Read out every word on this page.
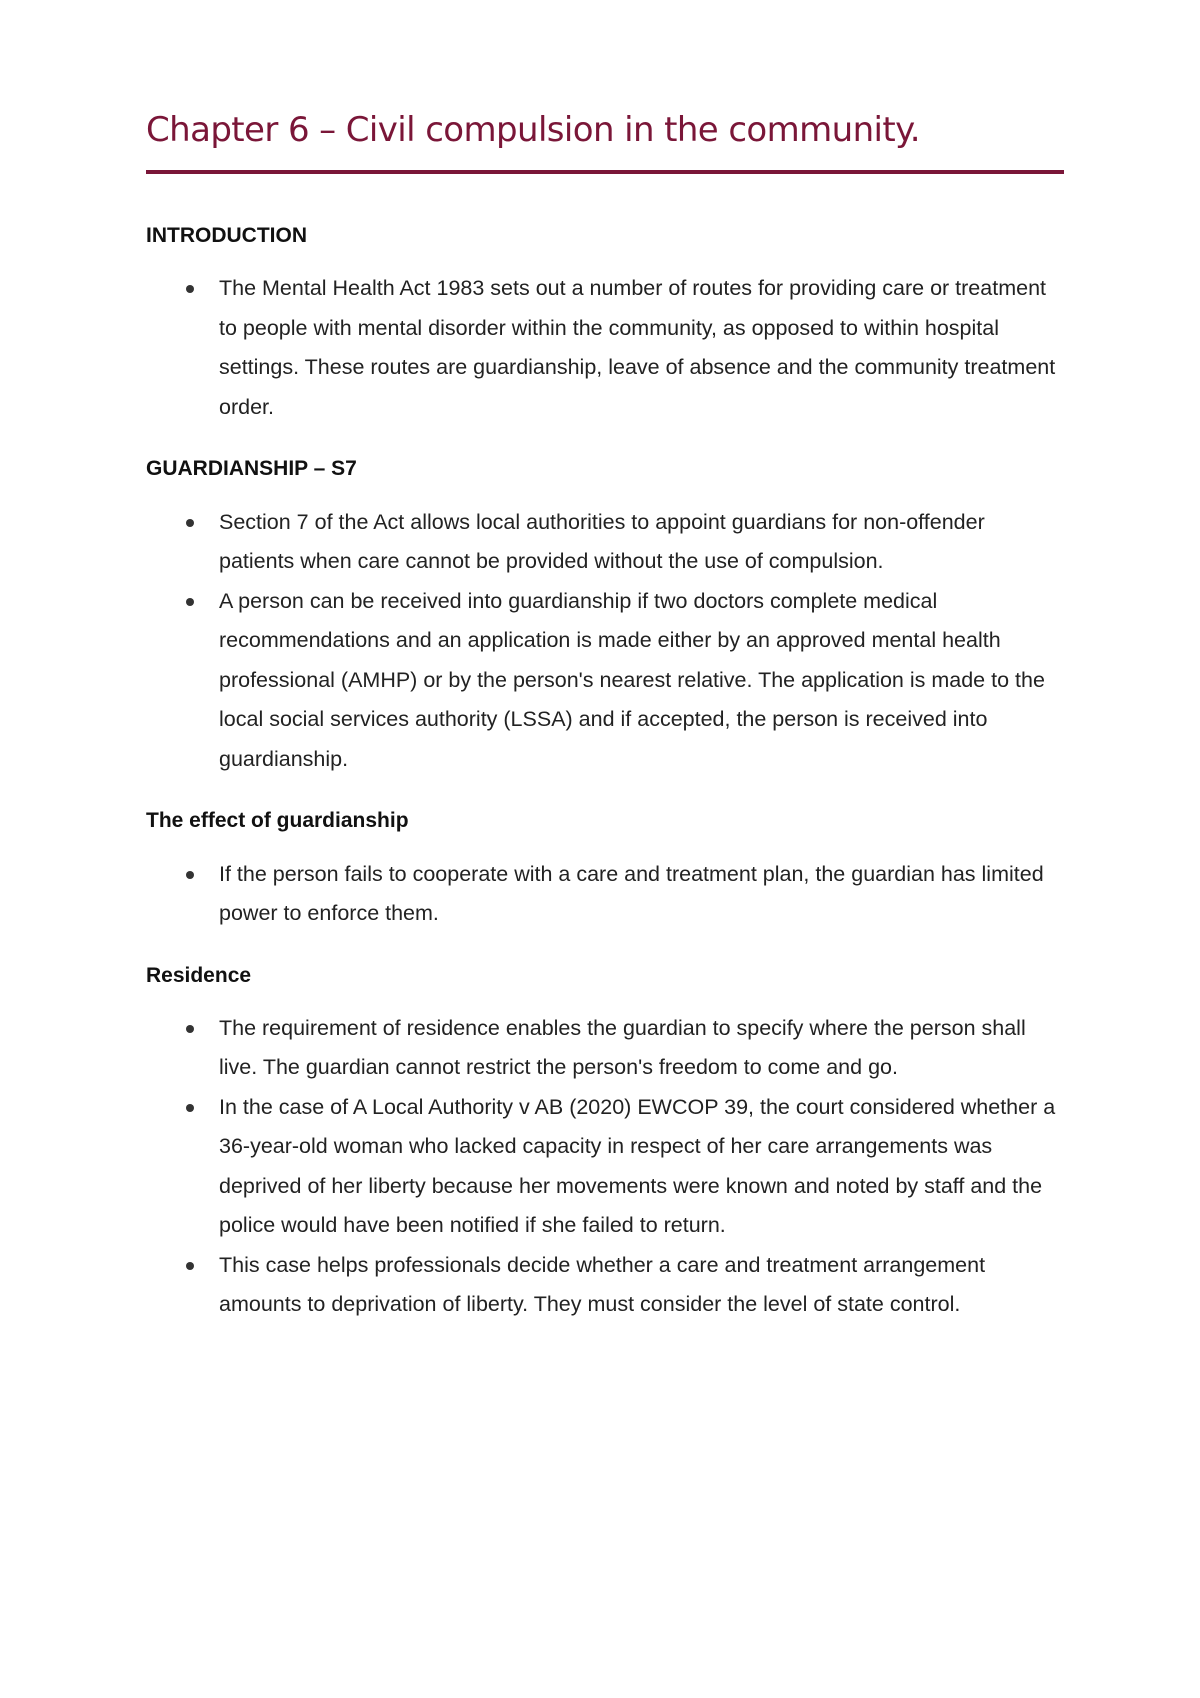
Chapter 6 – Civil compulsion in the community.
INTRODUCTION
The Mental Health Act 1983 sets out a number of routes for providing care or treatment to people with mental disorder within the community, as opposed to within hospital settings. These routes are guardianship, leave of absence and the community treatment order.
GUARDIANSHIP – S7
Section 7 of the Act allows local authorities to appoint guardians for non-offender patients when care cannot be provided without the use of compulsion.
A person can be received into guardianship if two doctors complete medical recommendations and an application is made either by an approved mental health professional (AMHP) or by the person's nearest relative. The application is made to the local social services authority (LSSA) and if accepted, the person is received into guardianship.
The effect of guardianship
If the person fails to cooperate with a care and treatment plan, the guardian has limited power to enforce them.
Residence
The requirement of residence enables the guardian to specify where the person shall live. The guardian cannot restrict the person's freedom to come and go.
In the case of A Local Authority v AB (2020) EWCOP 39, the court considered whether a 36-year-old woman who lacked capacity in respect of her care arrangements was deprived of her liberty because her movements were known and noted by staff and the police would have been notified if she failed to return.
This case helps professionals decide whether a care and treatment arrangement amounts to deprivation of liberty. They must consider the level of state control.
